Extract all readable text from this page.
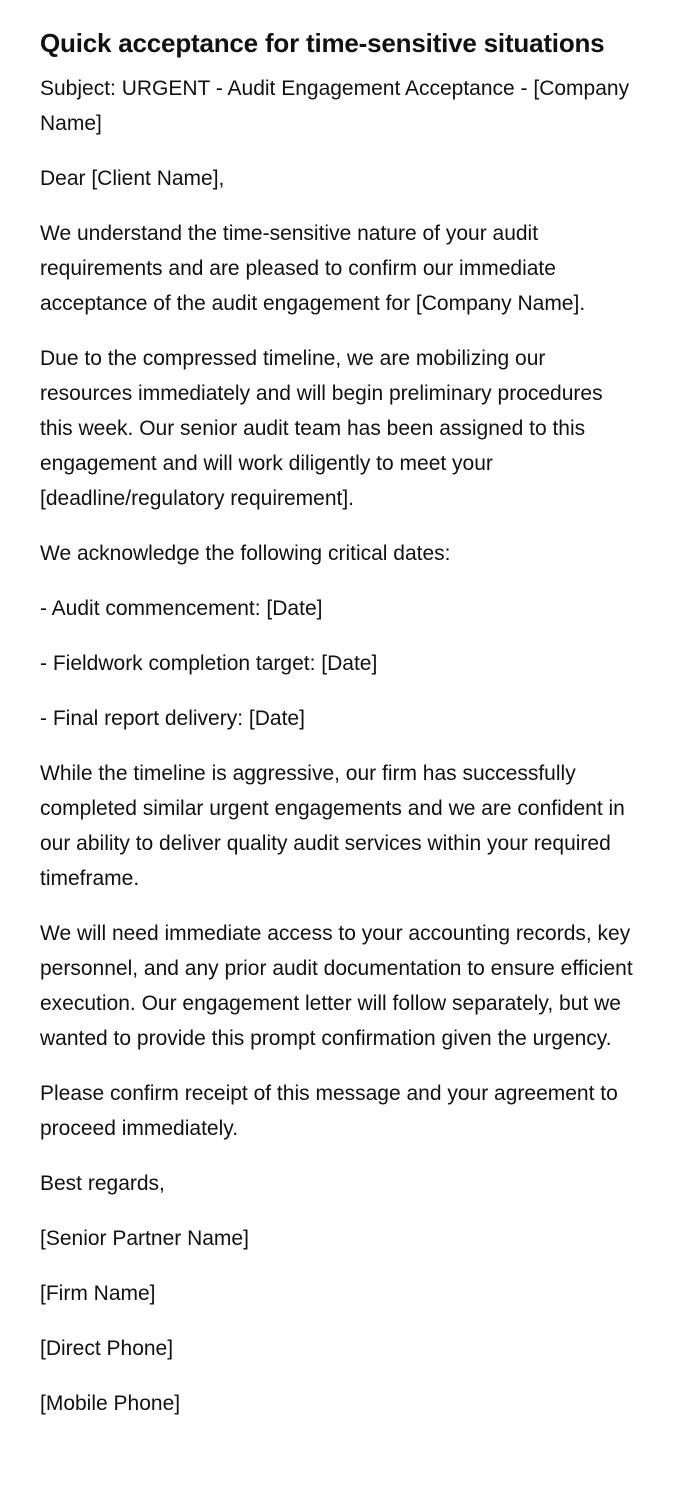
Quick acceptance for time-sensitive situations

Subject: URGENT - Audit Engagement Acceptance - [Company Name]

Dear [Client Name],

We understand the time-sensitive nature of your audit requirements and are pleased to confirm our immediate acceptance of the audit engagement for [Company Name].

Due to the compressed timeline, we are mobilizing our resources immediately and will begin preliminary procedures this week. Our senior audit team has been assigned to this engagement and will work diligently to meet your [deadline/regulatory requirement].

We acknowledge the following critical dates:

- Audit commencement: [Date]

- Fieldwork completion target: [Date]

- Final report delivery: [Date]

While the timeline is aggressive, our firm has successfully completed similar urgent engagements and we are confident in our ability to deliver quality audit services within your required timeframe.

We will need immediate access to your accounting records, key personnel, and any prior audit documentation to ensure efficient execution. Our engagement letter will follow separately, but we wanted to provide this prompt confirmation given the urgency.

Please confirm receipt of this message and your agreement to proceed immediately.

Best regards,

[Senior Partner Name]

[Firm Name]

[Direct Phone]

[Mobile Phone]
